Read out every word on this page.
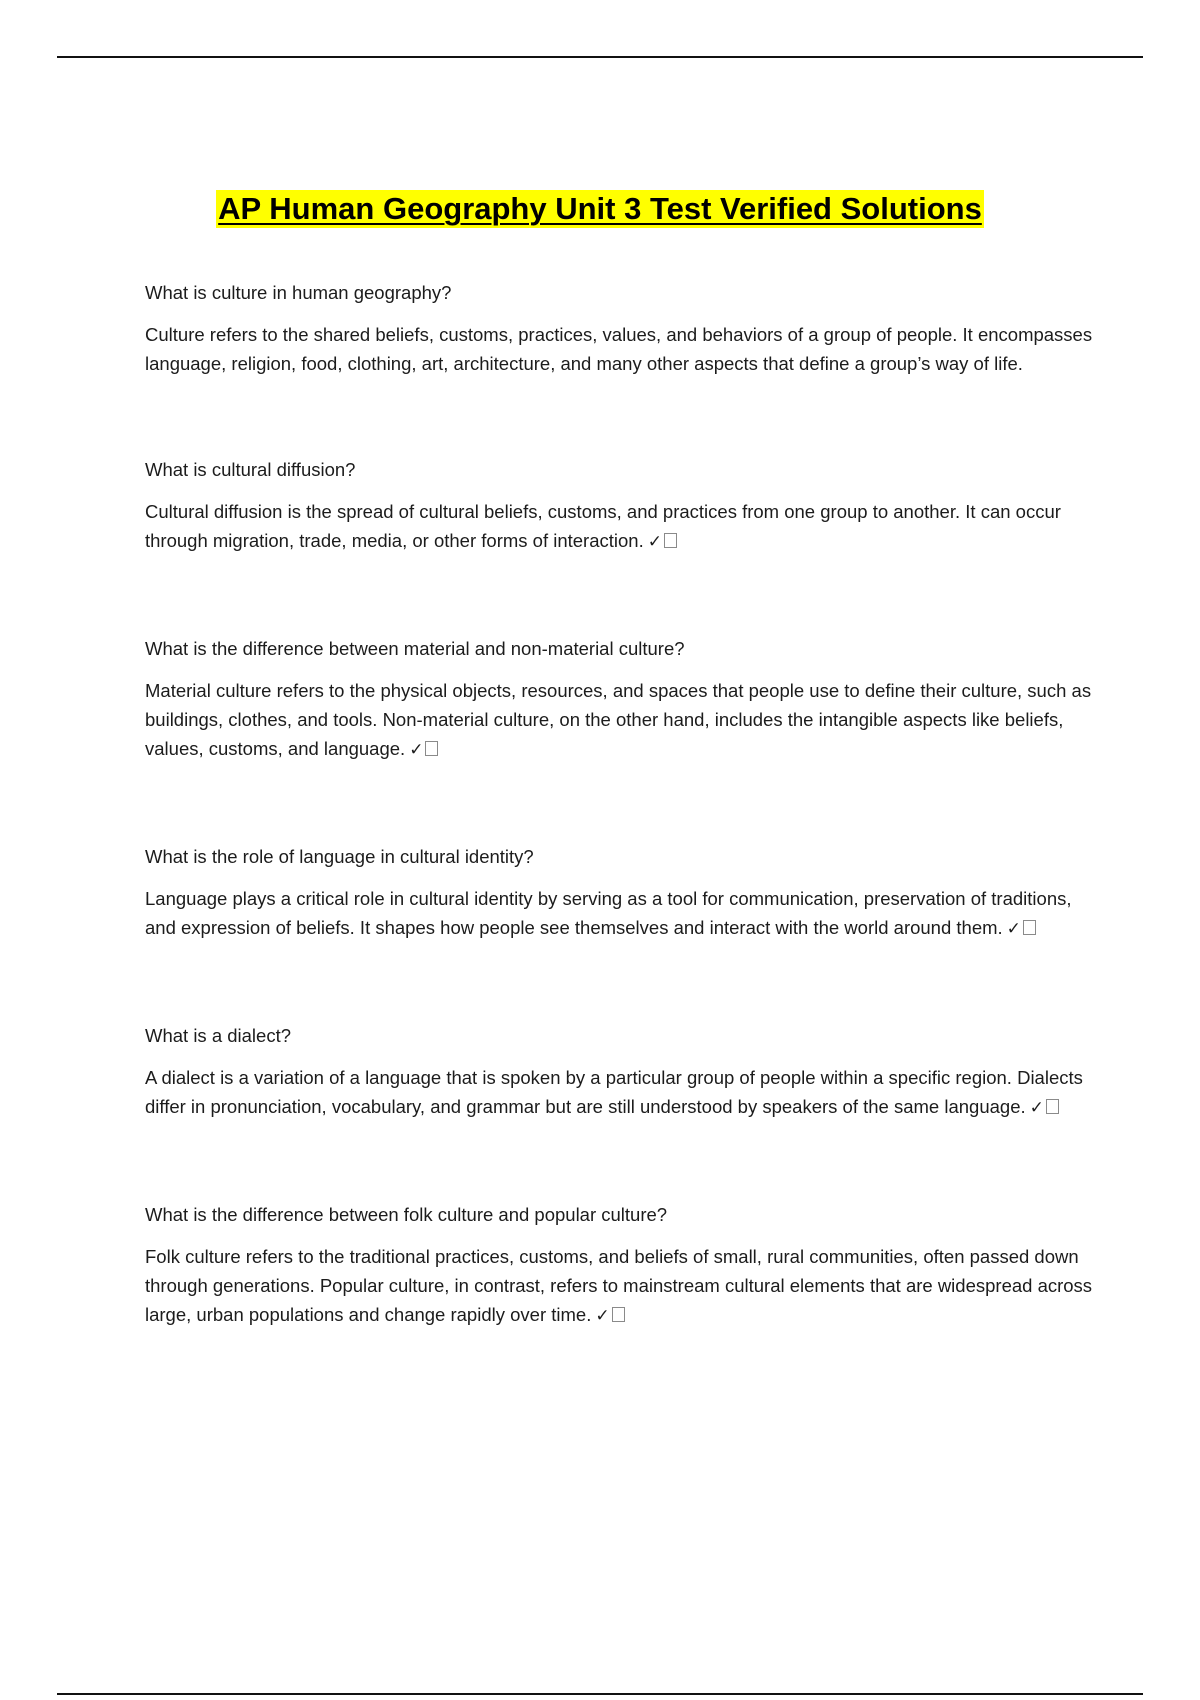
AP Human Geography Unit 3 Test Verified Solutions

What is culture in human geography?

Culture refers to the shared beliefs, customs, practices, values, and behaviors of a group of people. It encompasses language, religion, food, clothing, art, architecture, and many other aspects that define a group’s way of life.

What is cultural diffusion?

Cultural diffusion is the spread of cultural beliefs, customs, and practices from one group to another. It can occur through migration, trade, media, or other forms of interaction. ✓

What is the difference between material and non-material culture?

Material culture refers to the physical objects, resources, and spaces that people use to define their culture, such as buildings, clothes, and tools. Non-material culture, on the other hand, includes the intangible aspects like beliefs, values, customs, and language. ✓

What is the role of language in cultural identity?

Language plays a critical role in cultural identity by serving as a tool for communication, preservation of traditions, and expression of beliefs. It shapes how people see themselves and interact with the world around them. ✓

What is a dialect?

A dialect is a variation of a language that is spoken by a particular group of people within a specific region. Dialects differ in pronunciation, vocabulary, and grammar but are still understood by speakers of the same language. ✓

What is the difference between folk culture and popular culture?

Folk culture refers to the traditional practices, customs, and beliefs of small, rural communities, often passed down through generations. Popular culture, in contrast, refers to mainstream cultural elements that are widespread across large, urban populations and change rapidly over time. ✓
